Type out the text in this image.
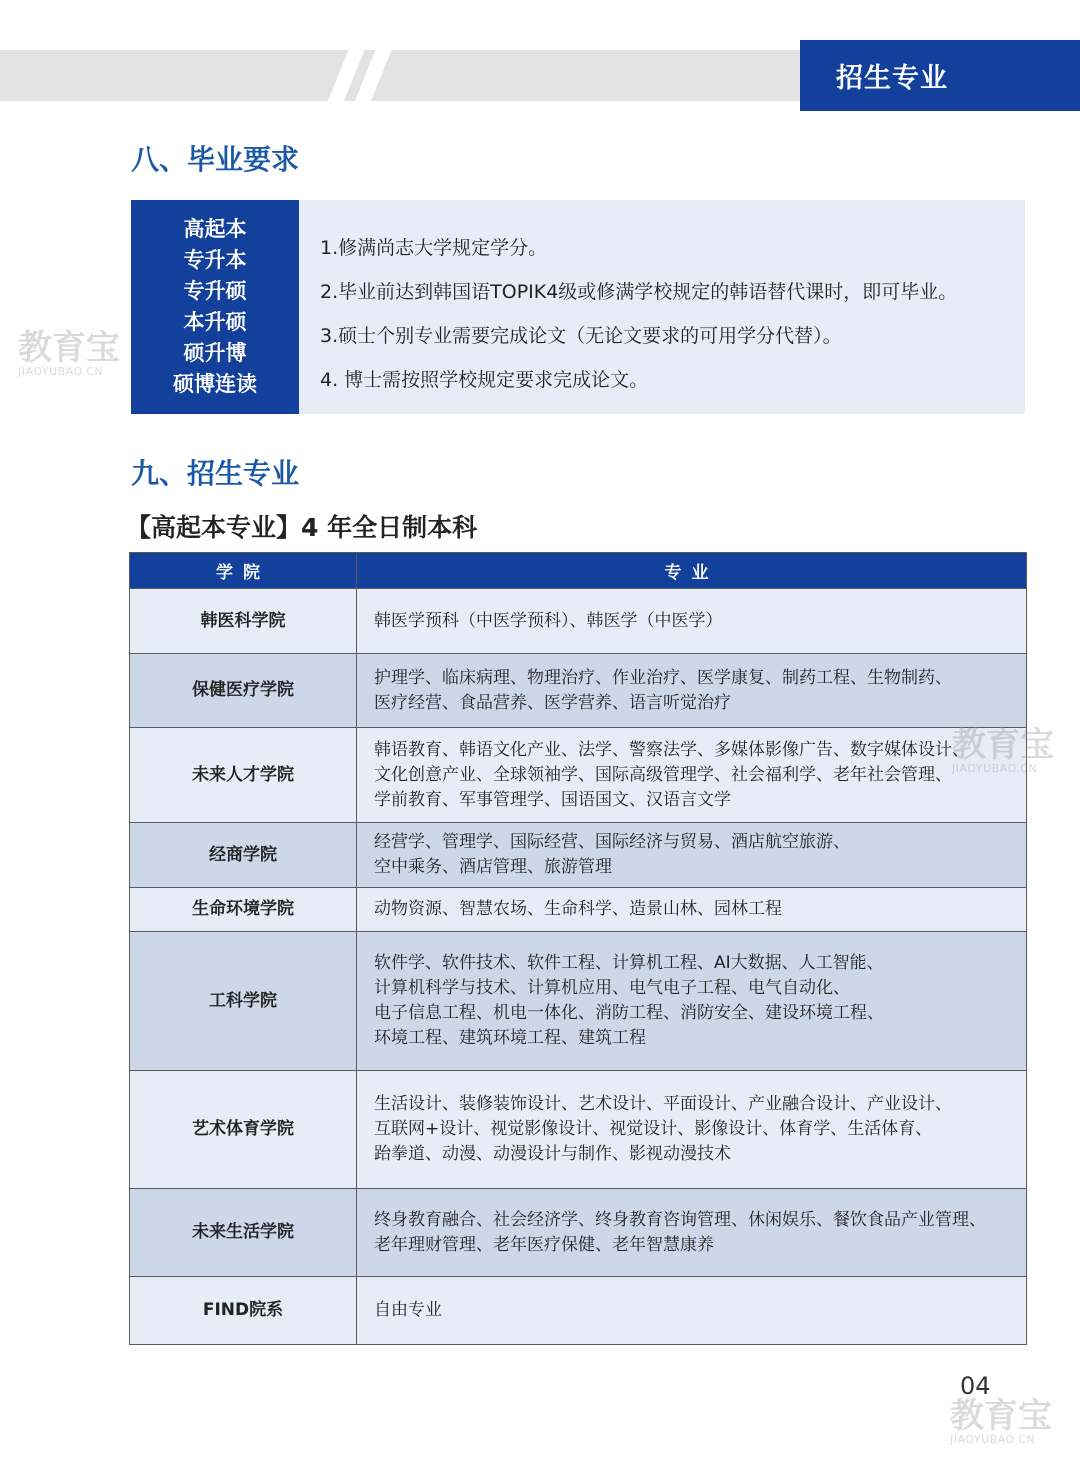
招生专业
八、毕业要求
高起本
专升本
专升硕
本升硕
硕升博
硕博连读
1.修满尚志大学规定学分。
2.毕业前达到韩国语TOPIK4级或修满学校规定的韩语替代课时，即可毕业。
3.硕士个别专业需要完成论文（无论文要求的可用学分代替）。
4. 博士需按照学校规定要求完成论文。
九、招生专业
【高起本专业】4 年全日制本科
学院	专业
韩医科学院	韩医学预科（中医学预科）、韩医学（中医学）

保健医疗学院	护理学、临床病理、物理治疗、作业治疗、医学康复、制药工程、生物制药、
医疗经营、食品营养、医学营养、语言听觉治疗

未来人才学院	韩语教育、韩语文化产业、法学、警察法学、多媒体影像广告、数字媒体设计、
文化创意产业、全球领袖学、国际高级管理学、社会福利学、老年社会管理、
学前教育、军事管理学、国语国文、汉语言文学

经商学院	经营学、管理学、国际经营、国际经济与贸易、酒店航空旅游、
空中乘务、酒店管理、旅游管理

生命环境学院	动物资源、智慧农场、生命科学、造景山林、园林工程

工科学院	软件学、软件技术、软件工程、计算机工程、AI大数据、人工智能、
计算机科学与技术、计算机应用、电气电子工程、电气自动化、
电子信息工程、机电一体化、消防工程、消防安全、建设环境工程、
环境工程、建筑环境工程、建筑工程

艺术体育学院	生活设计、装修装饰设计、艺术设计、平面设计、产业融合设计、产业设计、
互联网+设计、视觉影像设计、视觉设计、影像设计、体育学、生活体育、
跆拳道、动漫、动漫设计与制作、影视动漫技术

未来生活学院	终身教育融合、社会经济学、终身教育咨询管理、休闲娱乐、餐饮食品产业管理、
老年理财管理、老年医疗保健、老年智慧康养

FIND院系	自由专业
04
教育宝
JIAOYUBAO.CN
教育宝
JIAOYUBAO.CN
教育宝
JIAOYUBAO.CN
